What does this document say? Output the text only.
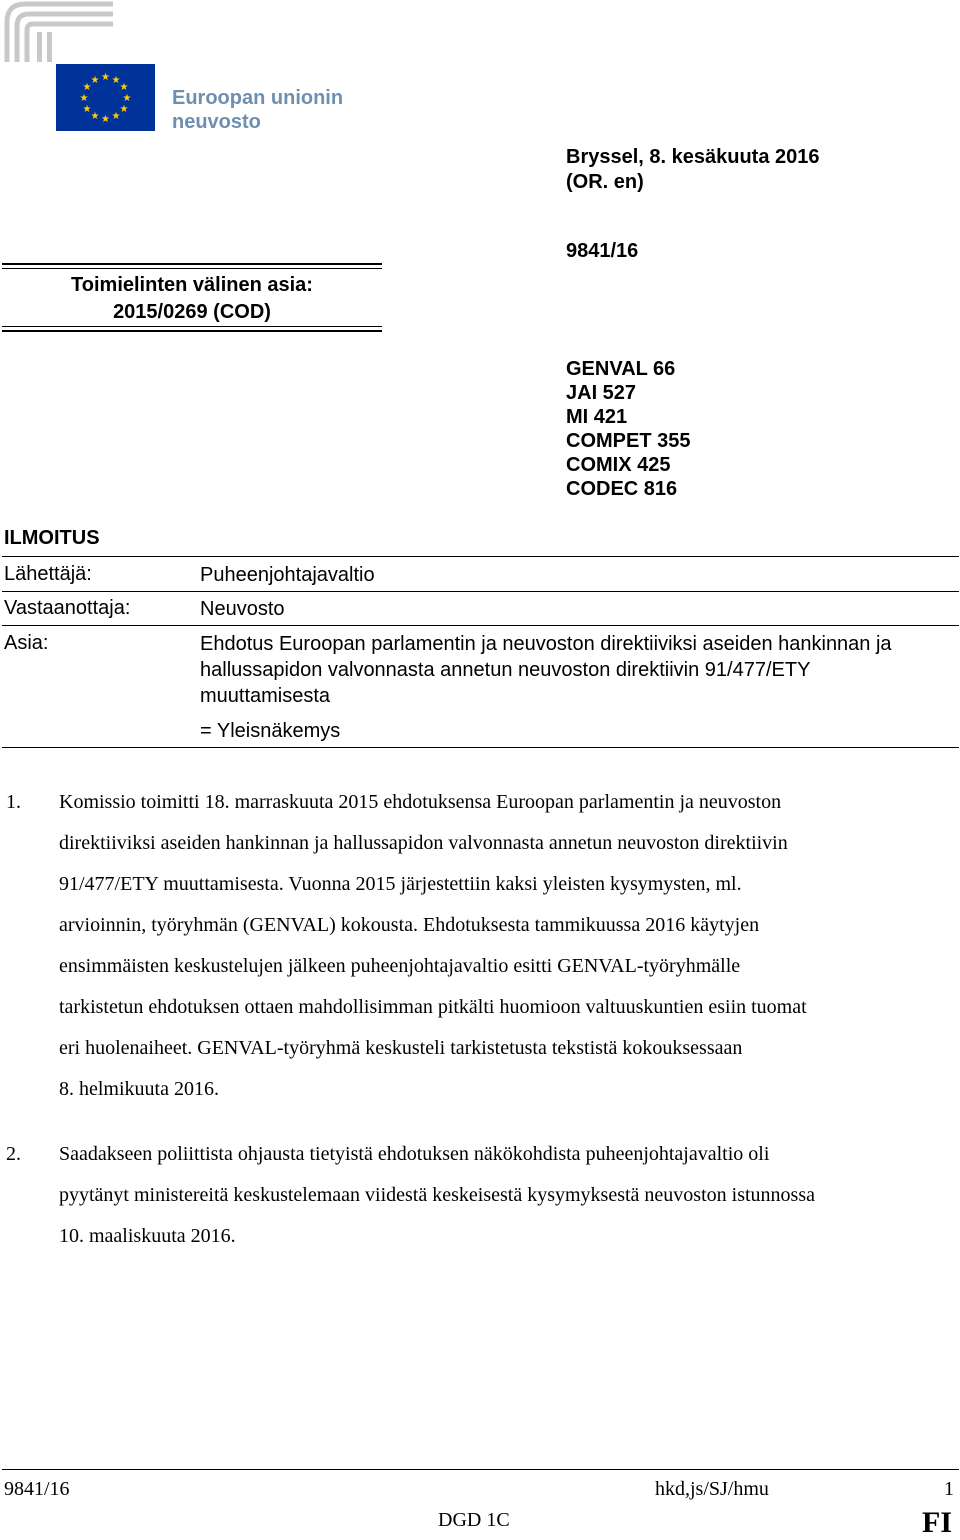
★ ★
★
★
★
★
★
★
★
★
★
★
Euroopan unionin
neuvosto
Bryssel, 8. kesäkuuta 2016
(OR. en)
9841/16
Toimielinten välinen asia:
2015/0269 (COD)
GENVAL 66
JAI 527
MI 421
COMPET 355
COMIX 425
CODEC 816
ILMOITUS
Lähettäjä:	Puheenjohtajavaltio
Vastaanottaja:	Neuvosto
Asia:	Ehdotus Euroopan parlamentin ja neuvoston direktiiviksi aseiden hankinnan ja hallussapidon valvonnasta annetun neuvoston direktiivin 91/477/ETY muuttamisesta
= Yleisnäkemys
1. Komissio toimitti 18. marraskuuta 2015 ehdotuksensa Euroopan parlamentin ja neuvoston
direktiiviksi aseiden hankinnan ja hallussapidon valvonnasta annetun neuvoston direktiivin
91/477/ETY muuttamisesta. Vuonna 2015 järjestettiin kaksi yleisten kysymysten, ml.
arvioinnin, työryhmän (GENVAL) kokousta. Ehdotuksesta tammikuussa 2016 käytyjen
ensimmäisten keskustelujen jälkeen puheenjohtajavaltio esitti GENVAL-työryhmälle
tarkistetun ehdotuksen ottaen mahdollisimman pitkälti huomioon valtuuskuntien esiin tuomat
eri huolenaiheet. GENVAL-työryhmä keskusteli tarkistetusta tekstistä kokouksessaan
8. helmikuuta 2016.
2. Saadakseen poliittista ohjausta tietyistä ehdotuksen näkökohdista puheenjohtajavaltio oli
pyytänyt ministereitä keskustelemaan viidestä keskeisestä kysymyksestä neuvoston istunnossa
10. maaliskuuta 2016.
9841/16	hkd,js/SJ/hmu	1
DGD 1C	FI
